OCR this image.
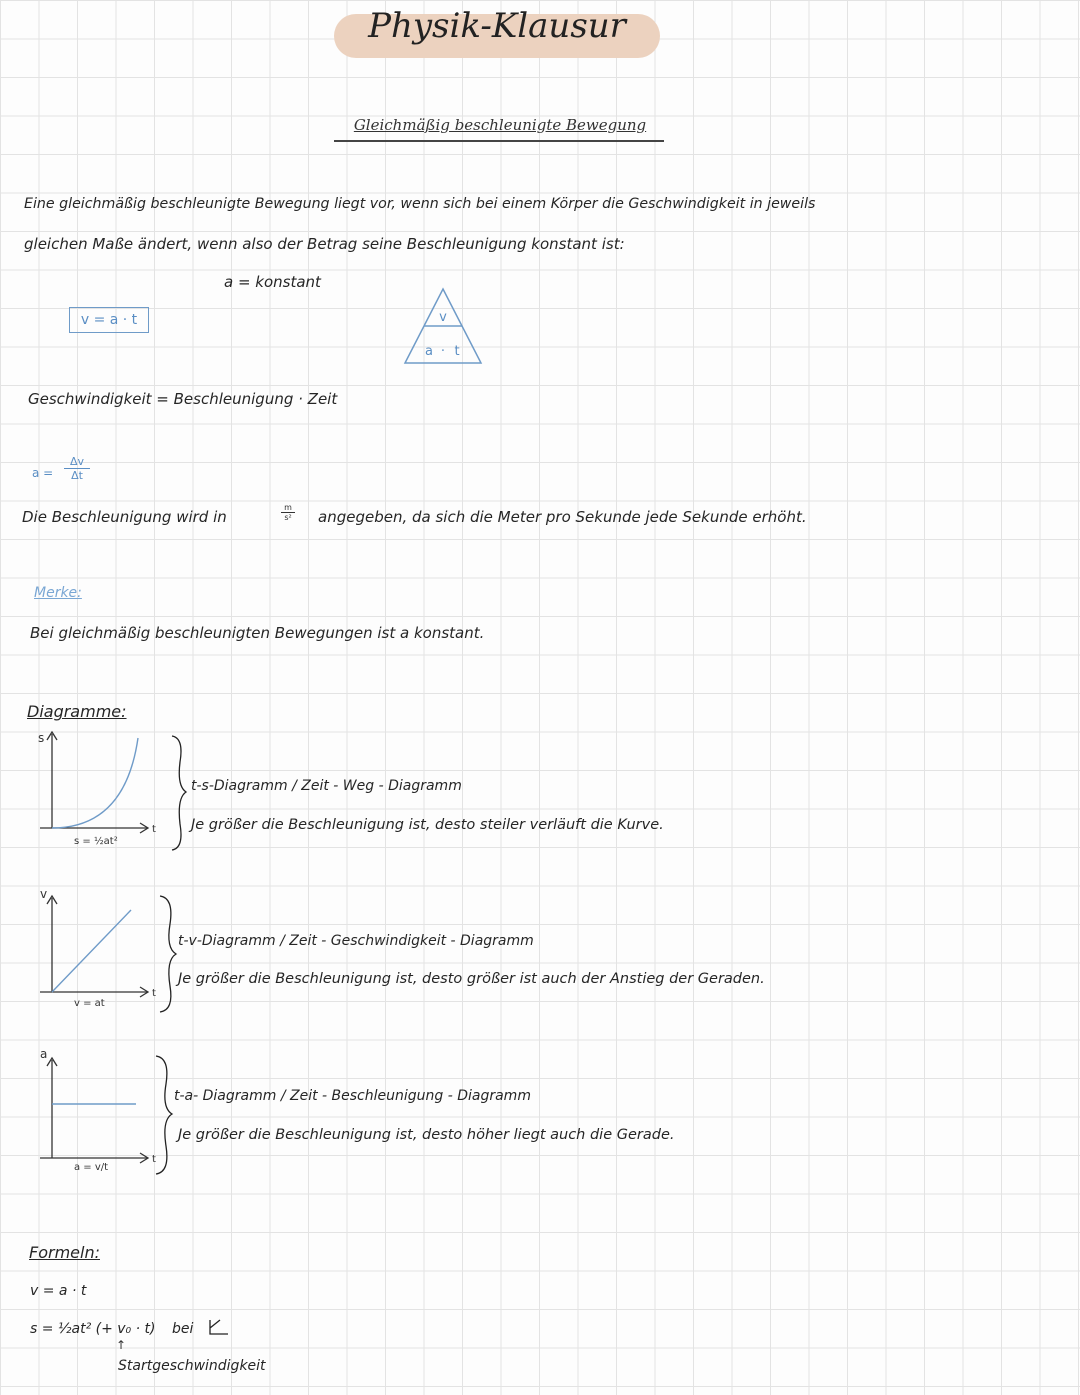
Physik-Klausur
Gleichmäßig beschleunigte Bewegung
Eine gleichmäßig beschleunigte Bewegung liegt vor, wenn sich bei einem Körper die Geschwindigkeit in jeweils
gleichen Maße ändert, wenn also der Betrag seine Beschleunigung konstant ist:
a = konstant
v = a · t	v
a · t
Geschwindigkeit = Beschleunigung · Zeit
$a = \frac{\Delta v}{\Delta t}$
Die Beschleunigung wird in	$\frac{m}{\text{s²}}$ angegeben, da sich die Meter pro Sekunde jede Sekunde erhöht.
Merke:
Bei gleichmäßig beschleunigten Bewegungen ist a konstant.
Diagramme:
s
t
s = ½at²
t-s-Diagramm / Zeit - Weg - Diagramm
Je größer die Beschleunigung ist, desto steiler verläuft die Kurve.
v
t
v = at
t-v-Diagramm / Zeit - Geschwindigkeit - Diagramm
Je größer die Beschleunigung ist, desto größer ist auch der Anstieg der Geraden.
a
t
a = v/t
t-a- Diagramm / Zeit - Beschleunigung - Diagramm
Je größer die Beschleunigung ist, desto höher liegt auch die Gerade.
Formeln:
v = a · t
s = ½at² (+ v₀ · t) bei
↑
Startgeschwindigkeit
